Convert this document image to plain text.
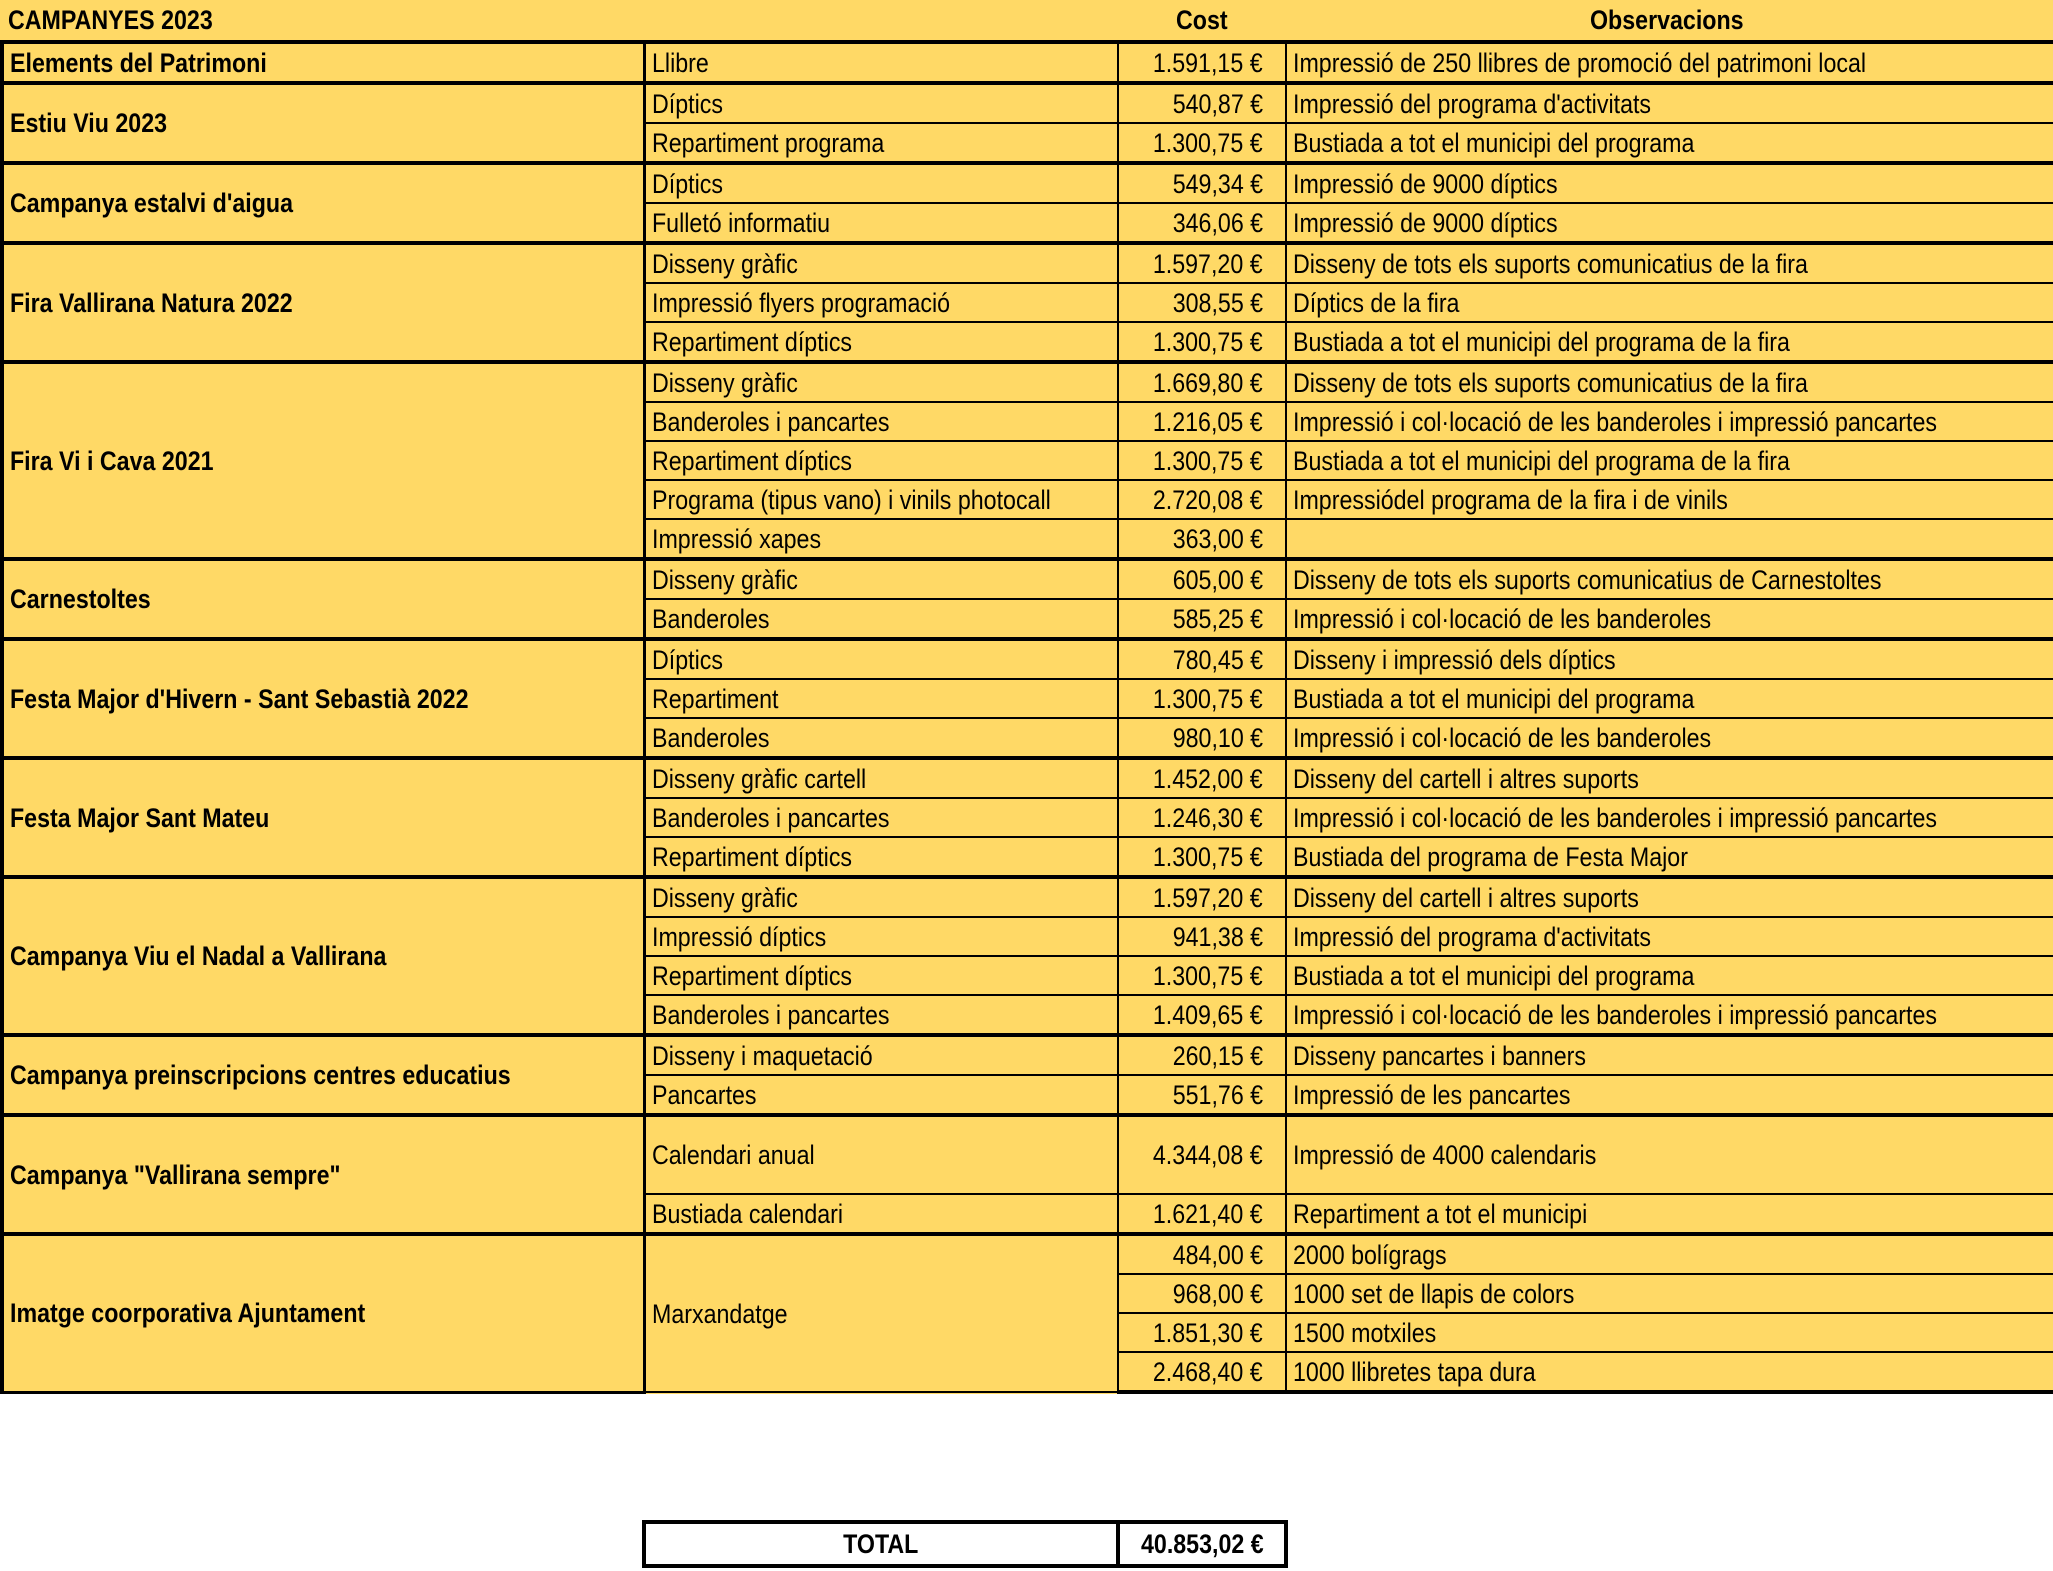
CAMPANYES 2023	Cost	Observacions
Elements del Patrimoni	Llibre	1.591,15 €	Impressió de 250 llibres de promoció del patrimoni local
Estiu Viu 2023	Díptics	540,87 €	Impressió del programa d'activitats
	Repartiment programa	1.300,75 €	Bustiada a tot el municipi del programa
Campanya estalvi d'aigua	Díptics	549,34 €	Impressió de 9000 díptics
	Fulletó informatiu	346,06 €	Impressió de 9000 díptics
Fira Vallirana Natura 2022	Disseny gràfic	1.597,20 €	Disseny de tots els suports comunicatius de la fira
	Impressió flyers programació	308,55 €	Díptics de la fira
	Repartiment díptics	1.300,75 €	Bustiada a tot el municipi del programa de la fira
Fira Vi i Cava 2021	Disseny gràfic	1.669,80 €	Disseny de tots els suports comunicatius de la fira
	Banderoles i pancartes	1.216,05 €	Impressió i col·locació de les banderoles i impressió pancartes
	Repartiment díptics	1.300,75 €	Bustiada a tot el municipi del programa de la fira
	Programa (tipus vano) i vinils photocall	2.720,08 €	Impressiódel programa de la fira i de vinils
	Impressió xapes	363,00 €	
Carnestoltes	Disseny gràfic	605,00 €	Disseny de tots els suports comunicatius de Carnestoltes
	Banderoles	585,25 €	Impressió i col·locació de les banderoles
Festa Major d'Hivern - Sant Sebastià 2022	Díptics	780,45 €	Disseny i impressió dels díptics
	Repartiment	1.300,75 €	Bustiada a tot el municipi del programa
	Banderoles	980,10 €	Impressió i col·locació de les banderoles
Festa Major Sant Mateu	Disseny gràfic cartell	1.452,00 €	Disseny del cartell i altres suports
	Banderoles i pancartes	1.246,30 €	Impressió i col·locació de les banderoles i impressió pancartes
	Repartiment díptics	1.300,75 €	Bustiada del programa de Festa Major
Campanya Viu el Nadal a Vallirana	Disseny gràfic	1.597,20 €	Disseny del cartell i altres suports
	Impressió díptics	941,38 €	Impressió del programa d'activitats
	Repartiment díptics	1.300,75 €	Bustiada a tot el municipi del programa
	Banderoles i pancartes	1.409,65 €	Impressió i col·locació de les banderoles i impressió pancartes
Campanya preinscripcions centres educatius	Disseny i maquetació	260,15 €	Disseny pancartes i banners
	Pancartes	551,76 €	Impressió de les pancartes
Campanya "Vallirana sempre"	Calendari anual	4.344,08 €	Impressió de 4000 calendaris
	Bustiada calendari	1.621,40 €	Repartiment a tot el municipi
Imatge coorporativa Ajuntament	Marxandatge	484,00 €	2000 bolígrags
		968,00 €	1000 set de llapis de colors
		1.851,30 €	1500 motxiles
		2.468,40 €	1000 llibretes tapa dura
TOTAL	40.853,02 €
